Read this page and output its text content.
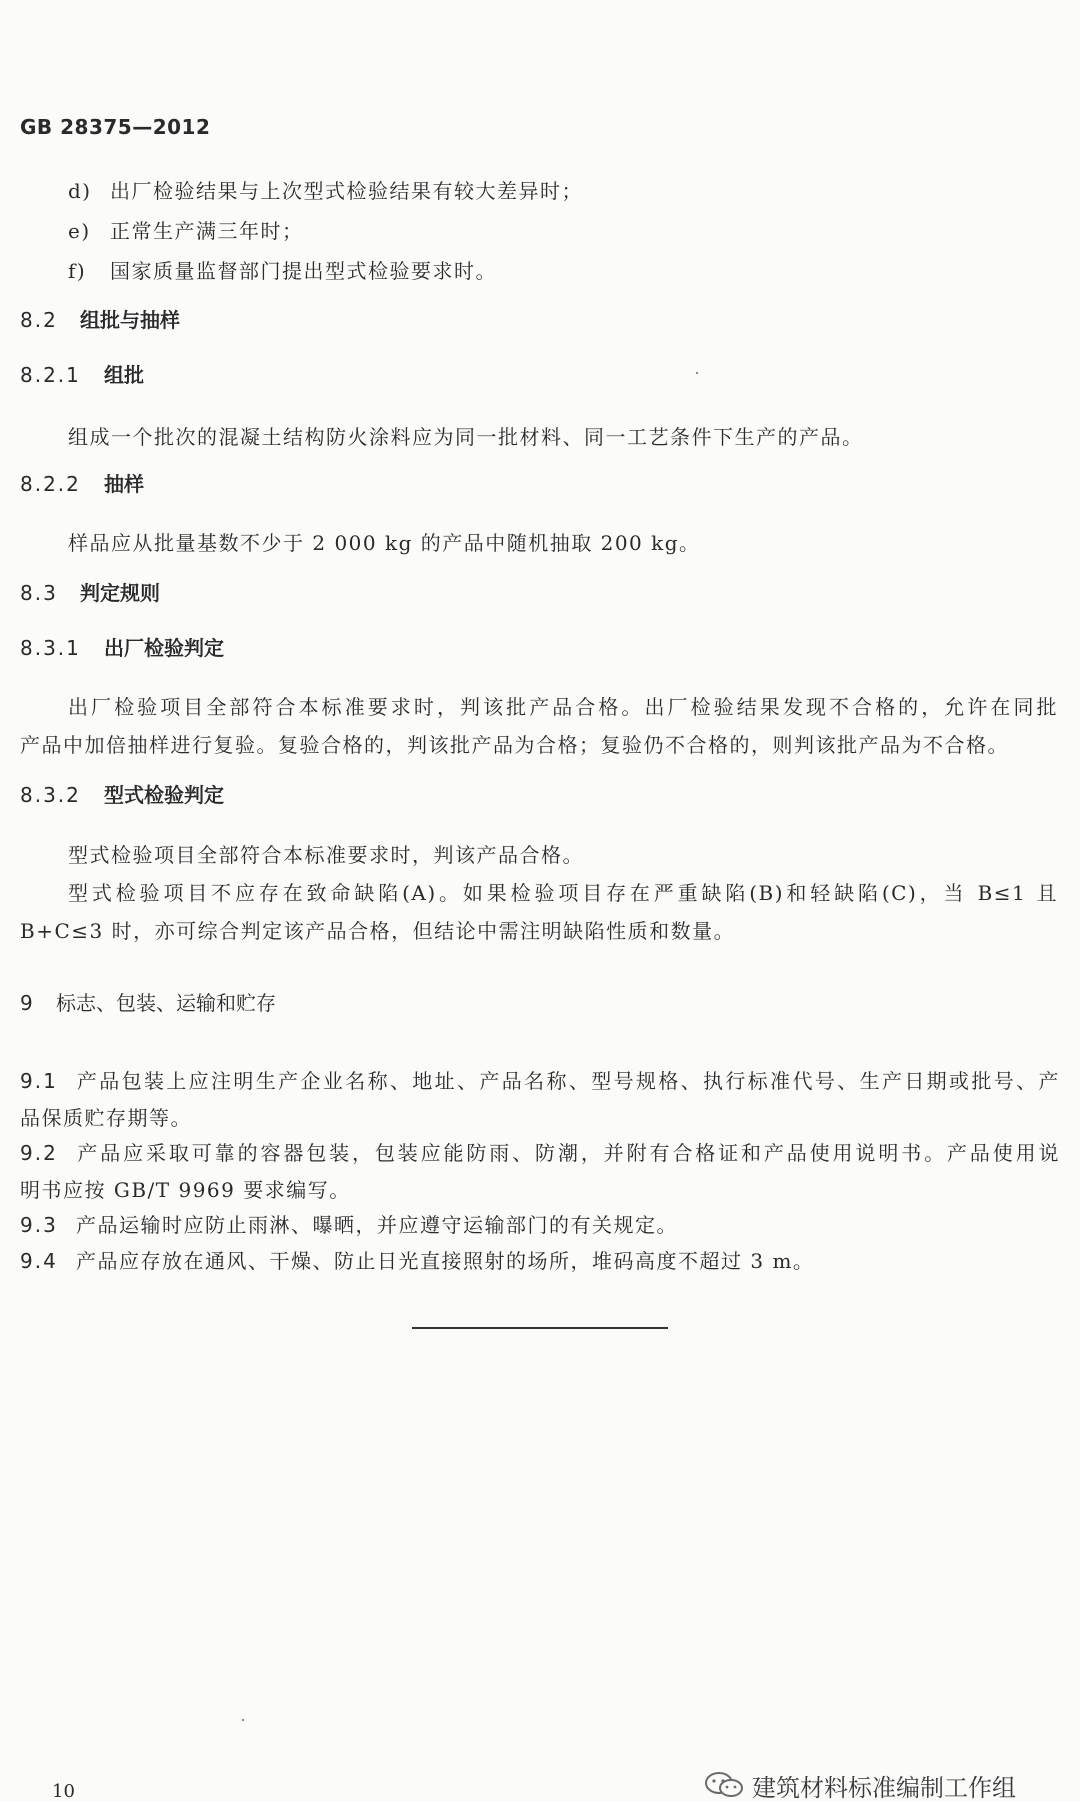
GB 28375—2012
d) 出厂检验结果与上次型式检验结果有较大差异时；
e) 正常生产满三年时；
f) 国家质量监督部门提出型式检验要求时。
8.2 组批与抽样
8.2.1 组批
组成一个批次的混凝土结构防火涂料应为同一批材料、同一工艺条件下生产的产品。
8.2.2 抽样
样品应从批量基数不少于 2 000 kg 的产品中随机抽取 200 kg。
8.3 判定规则
8.3.1 出厂检验判定
出厂检验项目全部符合本标准要求时，判该批产品合格。出厂检验结果发现不合格的，允许在同批
产品中加倍抽样进行复验。复验合格的，判该批产品为合格；复验仍不合格的，则判该批产品为不合格。
8.3.2 型式检验判定
型式检验项目全部符合本标准要求时，判该产品合格。
型式检验项目不应存在致命缺陷(A)。如果检验项目存在严重缺陷(B)和轻缺陷(C)，当 B≤1 且
B+C≤3 时，亦可综合判定该产品合格，但结论中需注明缺陷性质和数量。
9 标志、包装、运输和贮存
9.1 产品包装上应注明生产企业名称、地址、产品名称、型号规格、执行标准代号、生产日期或批号、产
品保质贮存期等。
9.2 产品应采取可靠的容器包装，包装应能防雨、防潮，并附有合格证和产品使用说明书。产品使用说
明书应按 GB/T 9969 要求编写。
9.3 产品运输时应防止雨淋、曝晒，并应遵守运输部门的有关规定。
9.4 产品应存放在通风、干燥、防止日光直接照射的场所，堆码高度不超过 3 m。
10	建筑材料标准编制工作组
